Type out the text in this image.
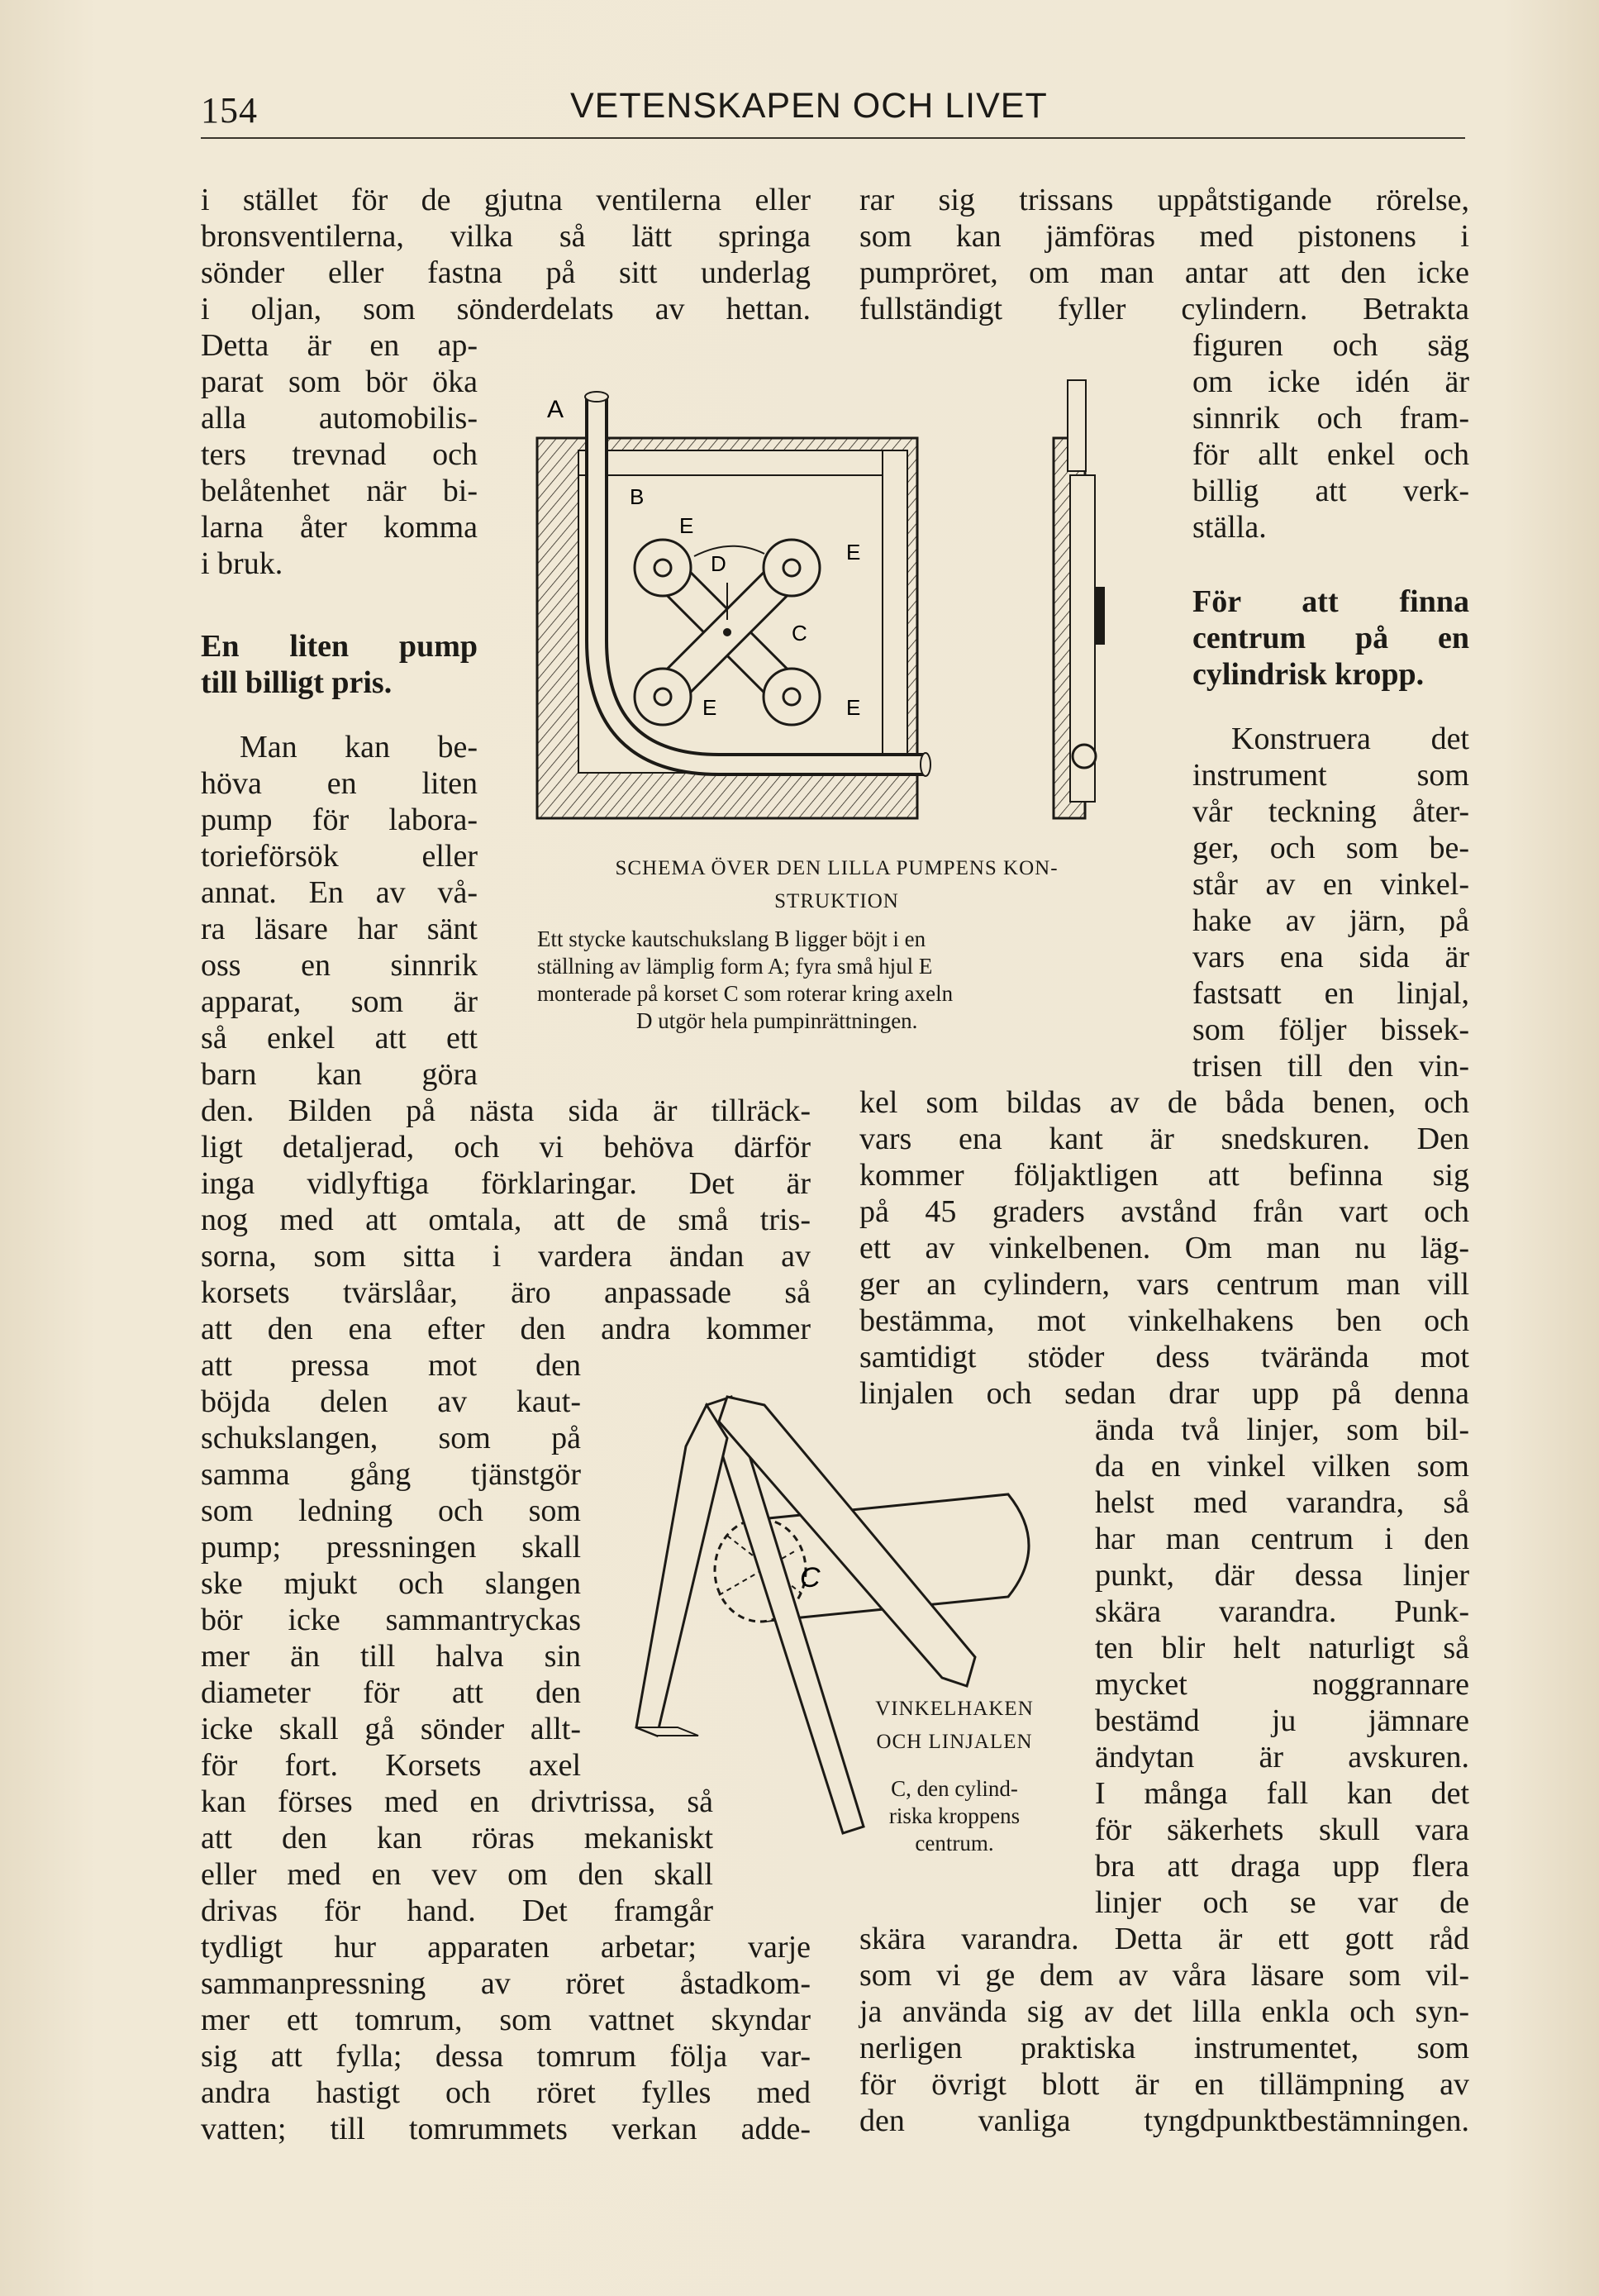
154	VETENSKAPEN OCH LIVET
i stället för de gjutna ventilerna eller
bronsventilerna, vilka så lätt springa
sönder eller fastna på sitt underlag
i oljan, som sönderdelats av hettan.
Detta är en ap-
parat som bör öka
alla automobilis-
ters trevnad och
belåtenhet när bi-
larna åter komma
i bruk.
En liten pump
till billigt pris.
Man kan be-
höva en liten
pump för labora-
torieförsök eller
annat. En av vå-
ra läsare har sänt
oss en sinnrik
apparat, som är
så enkel att ett
barn kan göra
den. Bilden på nästa sida är tillräck-
ligt detaljerad, och vi behöva därför
inga vidlyftiga förklaringar. Det är
nog med att omtala, att de små tris-
sorna, som sitta i vardera ändan av
korsets tvärslåar, äro anpassade så
att den ena efter den andra kommer
att pressa mot den
böjda delen av kaut-
schukslangen, som på
samma gång tjänstgör
som ledning och som
pump; pressningen skall
ske mjukt och slangen
bör icke sammantryckas
mer än till halva sin
diameter för att den
icke skall gå sönder allt-
för fort. Korsets axel
kan förses med en drivtrissa, så
att den kan röras mekaniskt
eller med en vev om den skall
drivas för hand. Det framgår
tydligt hur apparaten arbetar; varje
sammanpressning av röret åstadkom-
mer ett tomrum, som vattnet skyndar
sig att fylla; dessa tomrum följa var-
andra hastigt och röret fylles med
vatten; till tomrummets verkan adde-
rar sig trissans uppåtstigande rörelse,
som kan jämföras med pistonens i
pumpröret, om man antar att den icke
fullständigt fyller cylindern. Betrakta
figuren och säg
om icke idén är
sinnrik och fram-
för allt enkel och
billig att verk-
ställa.
För att finna
centrum på en
cylindrisk kropp.
Konstruera det
instrument som
vår teckning åter-
ger, och som be-
står av en vinkel-
hake av järn, på
vars ena sida är
fastsatt en linjal,
som följer bissek-
trisen till den vin-
kel som bildas av de båda benen, och
vars ena kant är snedskuren. Den
kommer följaktligen att befinna sig
på 45 graders avstånd från vart och
ett av vinkelbenen. Om man nu läg-
ger an cylindern, vars centrum man vill
bestämma, mot vinkelhakens ben och
samtidigt stöder dess tvärända mot
linjalen och sedan drar upp på denna
ända två linjer, som bil-
da en vinkel vilken som
helst med varandra, så
har man centrum i den
punkt, där dessa linjer
skära varandra. Punk-
ten blir helt naturligt så
mycket noggrannare
bestämd ju jämnare
ändytan är avskuren.
I många fall kan det
för säkerhets skull vara
bra att draga upp flera
linjer och se var de
skära varandra. Detta är ett gott råd
som vi ge dem av våra läsare som vil-
ja använda sig av det lilla enkla och syn-
nerligen praktiska instrumentet, som
för övrigt blott är en tillämpning av
den vanliga tyngdpunktbestämningen.
A
B
E
D
C
E
E	E
SCHEMA ÖVER DEN LILLA PUMPENS KON-
STRUKTION
Ett stycke kautschukslang B ligger böjt i en
ställning av lämplig form A; fyra små hjul E
monterade på korset C som roterar kring axeln
D utgör hela pumpinrättningen.
C
VINKELHAKEN
OCH LINJALEN
C, den cylind-
riska kroppens
centrum.
